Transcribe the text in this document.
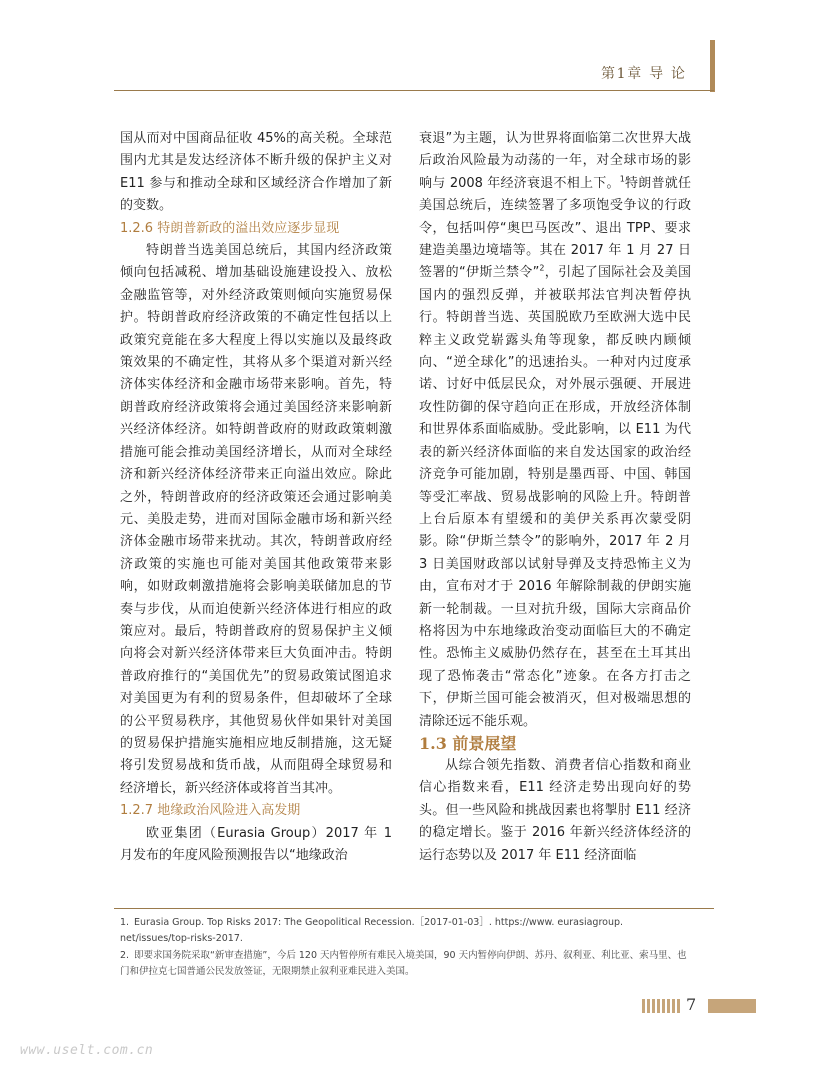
第1章 导 论

国从而对中国商品征收 45%的高关税。全球范围内尤其是发达经济体不断升级的保护主义对 E11 参与和推动全球和区域经济合作增加了新的变数。

1.2.6 特朗普新政的溢出效应逐步显现

特朗普当选美国总统后，其国内经济政策倾向包括减税、增加基础设施建设投入、放松金融监管等，对外经济政策则倾向实施贸易保护。特朗普政府经济政策的不确定性包括以上政策究竟能在多大程度上得以实施以及最终政策效果的不确定性，其将从多个渠道对新兴经济体实体经济和金融市场带来影响。首先，特朗普政府经济政策将会通过美国经济来影响新兴经济体经济。如特朗普政府的财政政策刺激措施可能会推动美国经济增长，从而对全球经济和新兴经济体经济带来正向溢出效应。除此之外，特朗普政府的经济政策还会通过影响美元、美股走势，进而对国际金融市场和新兴经济体金融市场带来扰动。其次，特朗普政府经济政策的实施也可能对美国其他政策带来影响，如财政刺激措施将会影响美联储加息的节奏与步伐，从而迫使新兴经济体进行相应的政策应对。最后，特朗普政府的贸易保护主义倾向将会对新兴经济体带来巨大负面冲击。特朗普政府推行的“美国优先”的贸易政策试图追求对美国更为有利的贸易条件，但却破坏了全球的公平贸易秩序，其他贸易伙伴如果针对美国的贸易保护措施实施相应地反制措施，这无疑将引发贸易战和货币战，从而阻碍全球贸易和经济增长，新兴经济体或将首当其冲。

1.2.7 地缘政治风险进入高发期

欧亚集团（Eurasia Group）2017 年 1 月发布的年度风险预测报告以“地缘政治

衰退”为主题，认为世界将面临第二次世界大战后政治风险最为动荡的一年，对全球市场的影响与 2008 年经济衰退不相上下。$^1$特朗普就任美国总统后，连续签署了多项饱受争议的行政令，包括叫停“奥巴马医改”、退出 TPP、要求建造美墨边境墙等。其在 2017 年 1 月 27 日签署的“伊斯兰禁令”$^2$，引起了国际社会及美国国内的强烈反弹，并被联邦法官判决暂停执行。特朗普当选、英国脱欧乃至欧洲大选中民粹主义政党崭露头角等现象，都反映内顾倾向、“逆全球化”的迅速抬头。一种对内过度承诺、讨好中低层民众，对外展示强硬、开展进攻性防御的保守趋向正在形成，开放经济体制和世界体系面临威胁。受此影响，以 E11 为代表的新兴经济体面临的来自发达国家的政治经济竞争可能加剧，特别是墨西哥、中国、韩国等受汇率战、贸易战影响的风险上升。特朗普上台后原本有望缓和的美伊关系再次蒙受阴影。除“伊斯兰禁令”的影响外，2017 年 2 月 3 日美国财政部以试射导弹及支持恐怖主义为由，宣布对才于 2016 年解除制裁的伊朗实施新一轮制裁。一旦对抗升级，国际大宗商品价格将因为中东地缘政治变动面临巨大的不确定性。恐怖主义威胁仍然存在，甚至在土耳其出现了恐怖袭击“常态化”迹象。在各方打击之下，伊斯兰国可能会被消灭，但对极端思想的清除还远不能乐观。

1.3 前景展望

从综合领先指数、消费者信心指数和商业信心指数来看，E11 经济走势出现向好的势头。但一些风险和挑战因素也将掣肘 E11 经济的稳定增长。鉴于 2016 年新兴经济体经济的运行态势以及 2017 年 E11 经济面临

1. Eurasia Group. Top Risks 2017: The Geopolitical Recession.［2017-01-03］. https://www. eurasiagroup. net/issues/top-risks-2017.
2. 即要求国务院采取“新审查措施”，今后 120 天内暂停所有难民入境美国，90 天内暂停向伊朗、苏丹、叙利亚、利比亚、索马里、也门和伊拉克七国普通公民发放签证，无限期禁止叙利亚难民进入美国。
7
www.uselt.com.cn
